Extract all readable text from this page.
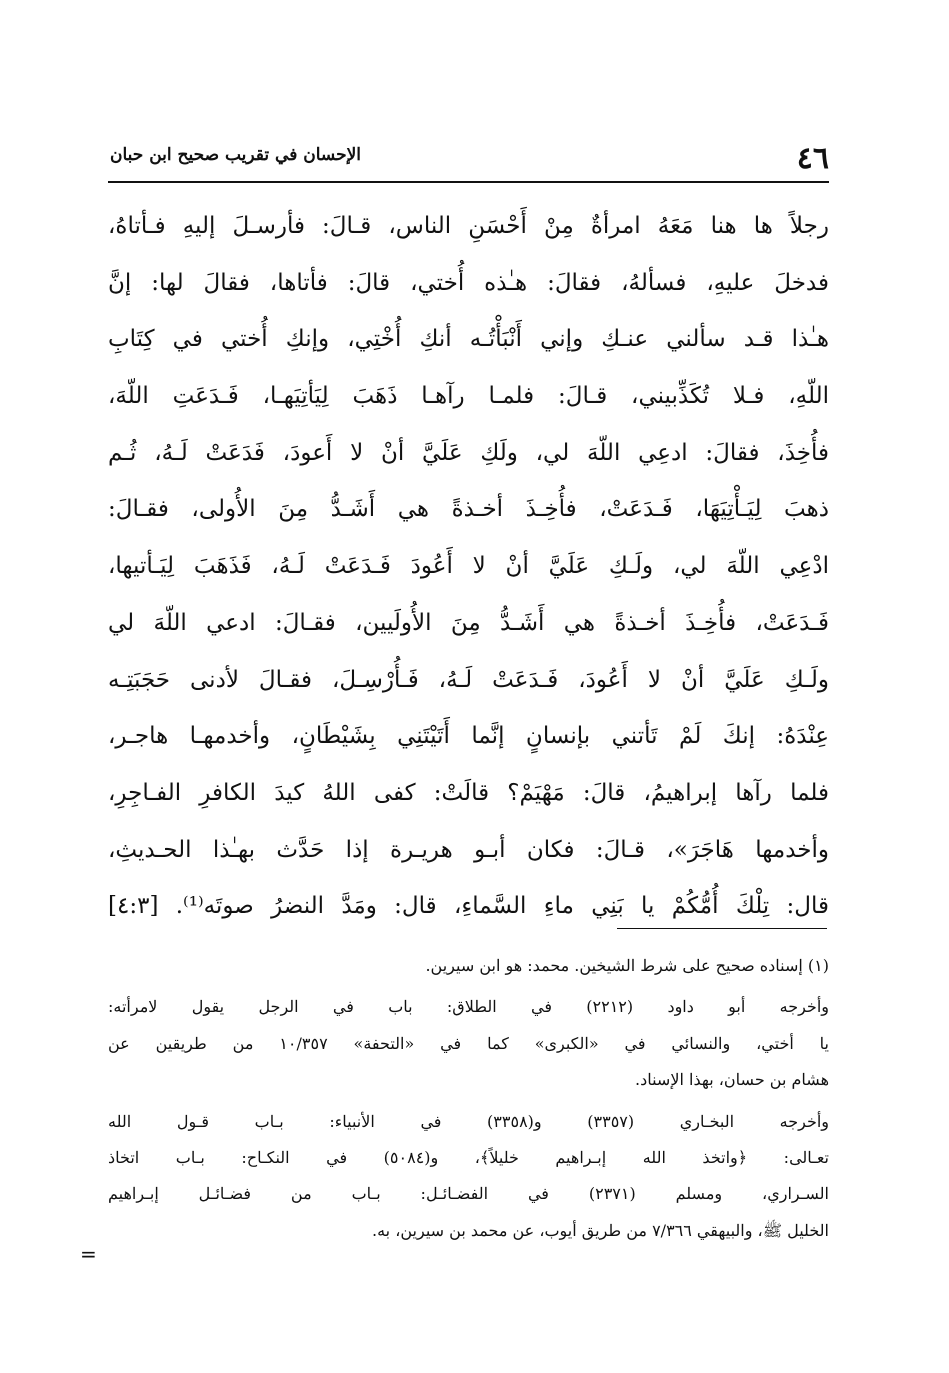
٤٦
الإحسان في تقريب صحيح ابن حبان
رجلاً ها هنا مَعَهُ امرأةٌ مِنْ أَحْسَنِ الناس، قـالَ: فأرسـلَ إليهِ فـأتاهُ،
فدخلَ عليهِ، فسألهُ، فقالَ: هـٰذه أُختي، قالَ: فأتاها، فقالَ لها: إنَّ
هـٰذا قـد سألني عنـكِ وإني أَنْبَأْتُـه أنكِ أُخْتِي، وإنكِ أُختي في كِتَابِ
اللّهِ، فـلا تُكَذِّبيني، قـالَ: فلمـا رآهـا ذَهَبَ لِيَأتِيَهـا، فَـدَعَتِ اللّهَ،
فأُخِذَ، فقالَ: ادعِي اللّهَ لي، ولَكِ عَلَيَّ أنْ لا أَعودَ، فَدَعَتْ لَـهُ، ثُـم
ذهبَ لِيَـأْتِيَهَا، فَـدَعَتْ، فأُخِـذَ أخـذةً هي أَشَـدُّ مِنَ الأُولى، فقـالَ:
ادْعِي اللّهَ لي، ولَـكِ عَلَيَّ أنْ لا أَعُودَ فَـدَعَتْ لَـهُ، فَذَهَبَ لِيَـأتيها،
فَـدَعَتْ، فأُخِـذَ أخـذةً هي أَشَـدُّ مِنَ الأُولَيين، فقـالَ: ادعي اللّهَ لي
ولَـكِ عَلَيَّ أنْ لا أَعُودَ، فَـدَعَتْ لَـهُ، فَـأُرْسِـلَ، فقـالَ لأدنى حَجَبَتِـه
عِنْدَهُ: إنكَ لَمْ تَأتني بإنسانٍ إنَّما أَتَيْتَنِي بِشَيْطَانٍ، وأخدمهـا هاجـر،
فلما رآها إبراهيمُ، قالَ: مَهْيَمْ؟ قالَتْ: كفى اللهُ كيدَ الكافرِ الفـاجِرِ،
وأخدمها هَاجَرَ»، قـالَ: فكان أبـو هريـرة إذا حَدَّث بهـٰذا الحـديثِ،
قال: تِلْكَ أُمُّكُمْ يا بَنِي ماءِ السَّماءِ، قال: ومَدَّ النضرُ صوتَه⁽¹⁾. [٤:٣]
(١) إسناده صحيح على شرط الشيخين. محمد: هو ابن سيرين.
وأخرجه أبو داود (٢٢١٢) في الطلاق: باب في الرجل يقول لامرأته:
يا أختي، والنسائي في «الكبرى» كما في «التحفة» ١٠/٣٥٧ من طريقين عن
هشام بن حسان، بهذا الإسناد.
وأخرجه البخـاري (٣٣٥٧) و(٣٣٥٨) في الأنبياء: بـاب قـول الله
تعـالى: ﴿واتخذ الله إبـراهيم خليلاً﴾، و(٥٠٨٤) في النكـاح: بـاب اتخاذ
السـراري، ومسلم (٢٣٧١) في الفضـائـل: بـاب من فضـائـل إبـراهيم
الخليل ﷺ، والبيهقي ٧/٣٦٦ من طريق أيوب، عن محمد بن سيرين، به.
=
